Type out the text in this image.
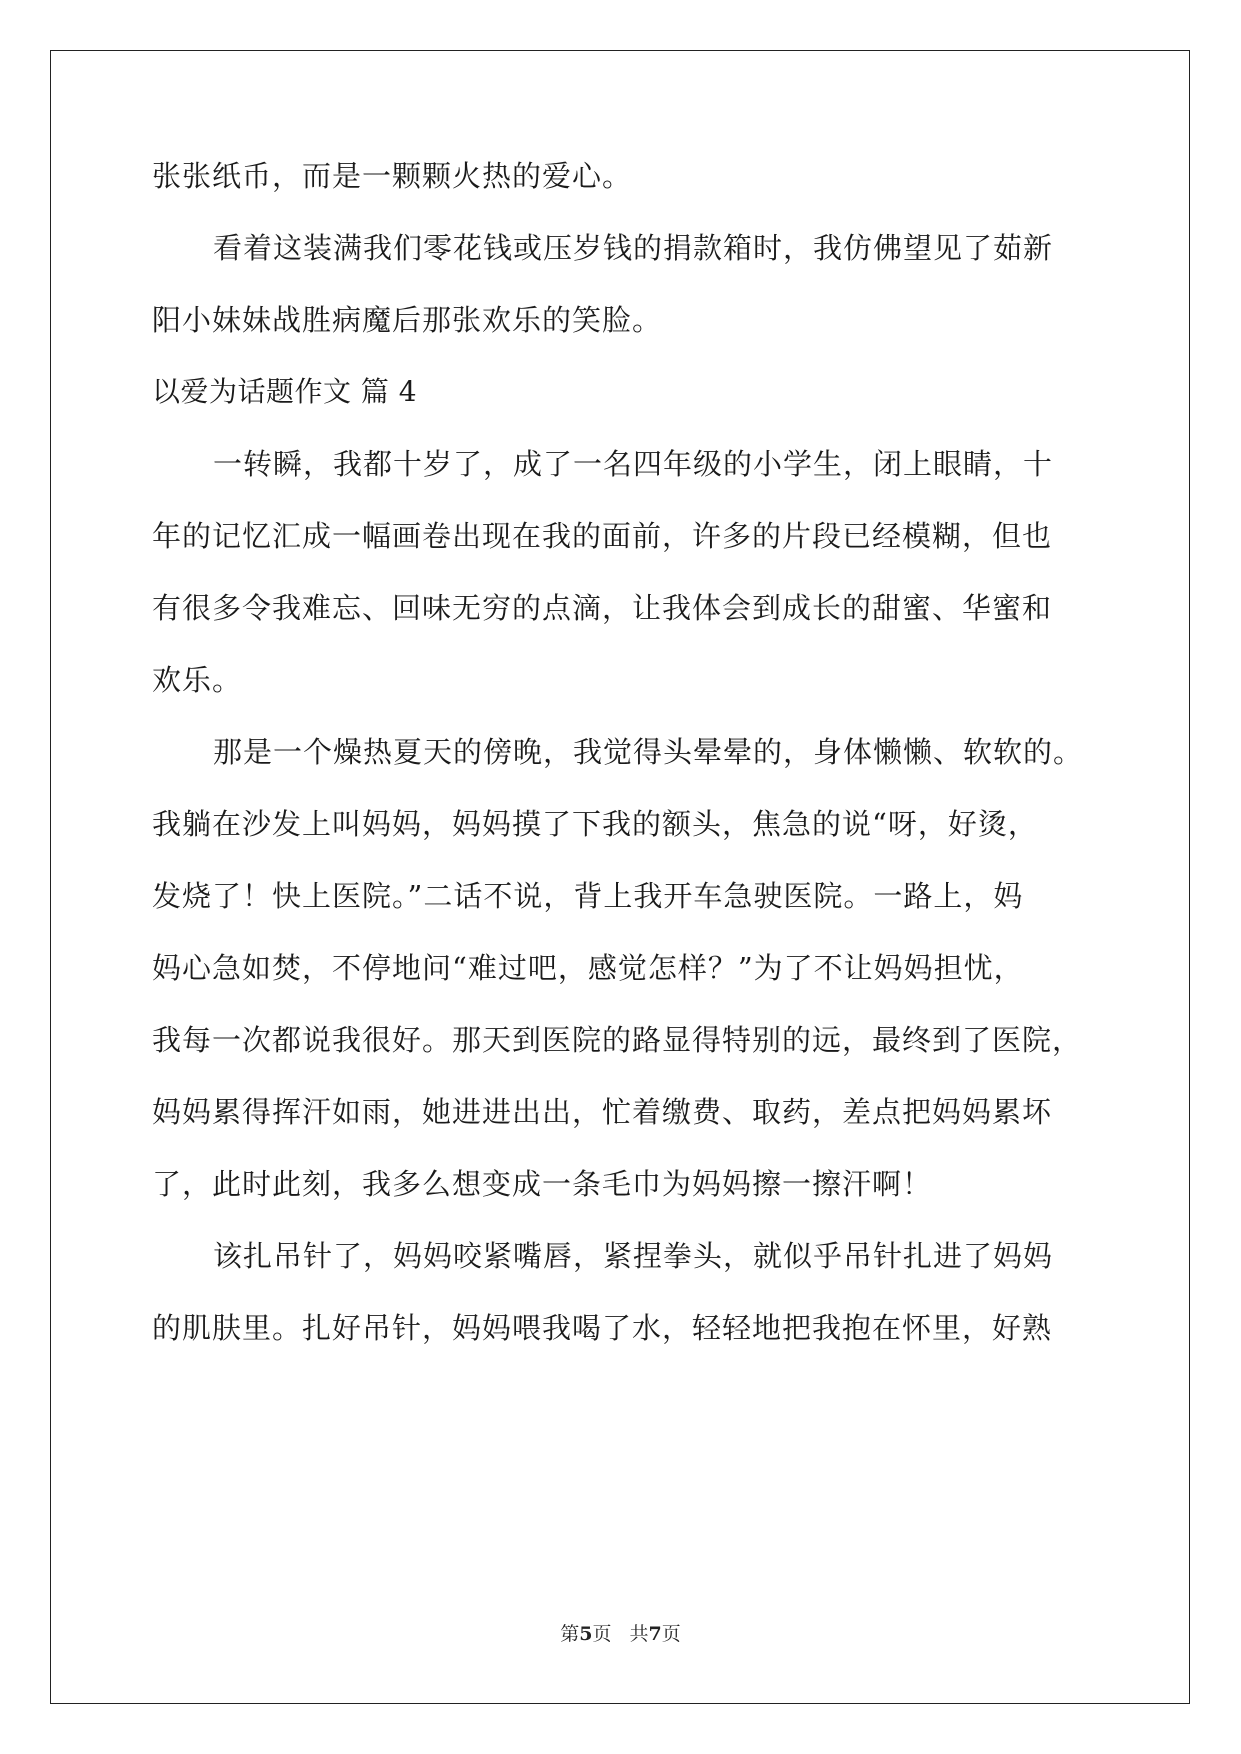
张张纸币，而是一颗颗火热的爱心。
看着这装满我们零花钱或压岁钱的捐款箱时，我仿佛望见了茹新
阳小妹妹战胜病魔后那张欢乐的笑脸。
以爱为话题作文 篇 4
一转瞬，我都十岁了，成了一名四年级的小学生，闭上眼睛，十
年的记忆汇成一幅画卷出现在我的面前，许多的片段已经模糊，但也
有很多令我难忘、回味无穷的点滴，让我体会到成长的甜蜜、华蜜和
欢乐。
那是一个燥热夏天的傍晚，我觉得头晕晕的，身体懒懒、软软的。
我躺在沙发上叫妈妈，妈妈摸了下我的额头，焦急的说“呀，好烫，
发烧了！快上医院。”二话不说，背上我开车急驶医院。一路上，妈
妈心急如焚，不停地问“难过吧，感觉怎样？”为了不让妈妈担忧，
我每一次都说我很好。那天到医院的路显得特别的远，最终到了医院，
妈妈累得挥汗如雨，她进进出出，忙着缴费、取药，差点把妈妈累坏
了，此时此刻，我多么想变成一条毛巾为妈妈擦一擦汗啊！
该扎吊针了，妈妈咬紧嘴唇，紧捏拳头，就似乎吊针扎进了妈妈
的肌肤里。扎好吊针，妈妈喂我喝了水，轻轻地把我抱在怀里，好熟
第5页 共7页
